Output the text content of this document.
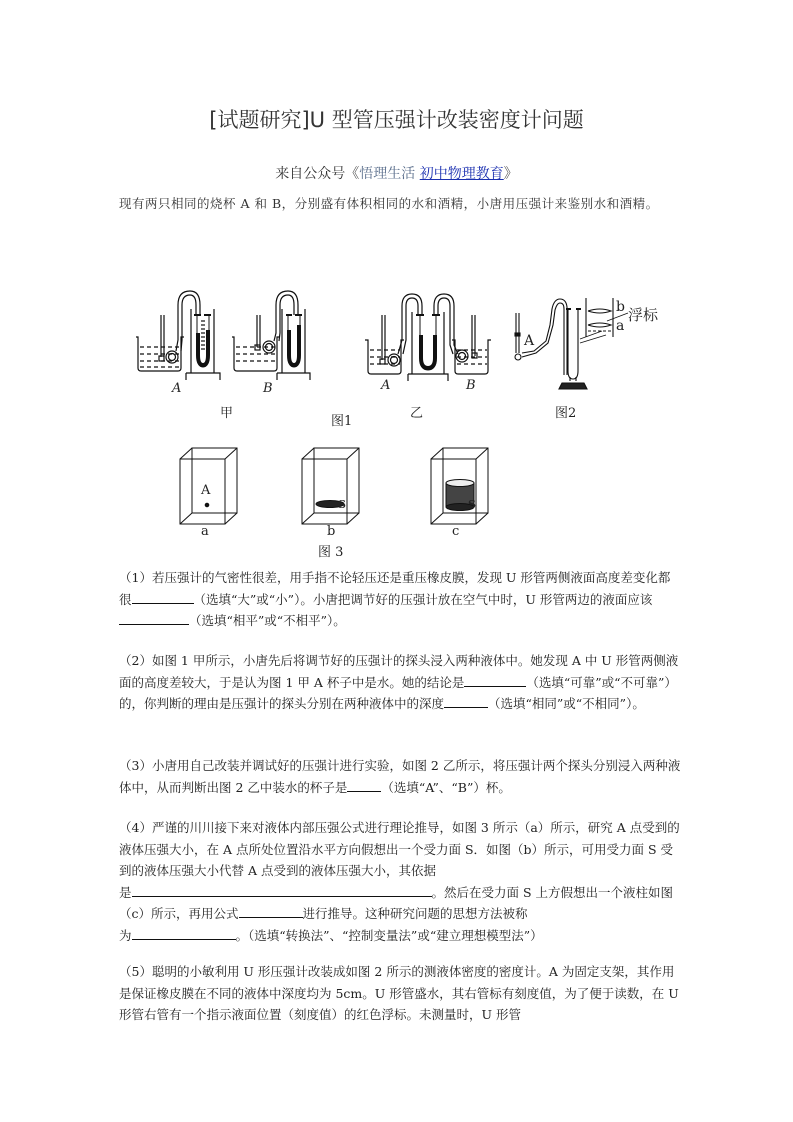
[试题研究]U 型管压强计改装密度计问题
来自公众号《悟理生活 初中物理教育》
现有两只相同的烧杯 A 和 B，分别盛有体积相同的水和酒精，小唐用压强计来鉴别水和酒精。
A	B
甲
图1
A	B
乙
A
b
a
浮标
图2
A
S	S
a	b	c
图 3
（1）若压强计的气密性很差，用手指不论轻压还是重压橡皮膜，发现 U 形管两侧液面高度差变化都很	（选填“大”或“小”）。小唐把调节好的压强计放在空气中时，U 形管两边的液面应该（选填“相平”或“不相平”）。
（2）如图 1 甲所示，小唐先后将调节好的压强计的探头浸入两种液体中。她发现 A 中 U 形管两侧液面的高度差较大，于是认为图 1 甲 A 杯子中是水。她的结论是	（选填“可靠”或“不可靠”）的，你判断的理由是压强计的探头分别在两种液体中的深度	（选填“相同”或“不相同”）。
（3）小唐用自己改装并调试好的压强计进行实验，如图 2 乙所示，将压强计两个探头分别浸入两种液体中，从而判断出图 2 乙中装水的杯子是	（选填“A”、“B”）杯。
（4）严谨的川川接下来对液体内部压强公式进行理论推导，如图 3 所示（a）所示，研究 A 点受到的液体压强大小，在 A 点所处位置沿水平方向假想出一个受力面 S．如图（b）所示，可用受力面 S 受到的液体压强大小代替 A 点受到的液体压强大小，其依据
是	。然后在受力面 S 上方假想出一个液柱如图（c）所示，再用公式	进行推导。这种研究问题的思想方法被称
为	。（选填“转换法”、“控制变量法”或“建立理想模型法”）
（5）聪明的小敏利用 U 形压强计改装成如图 2 所示的测液体密度的密度计。A 为固定支架，其作用是保证橡皮膜在不同的液体中深度均为 5cm。U 形管盛水，其右管标有刻度值，为了便于读数，在 U 形管右管有一个指示液面位置（刻度值）的红色浮标。未测量时，U 形管
